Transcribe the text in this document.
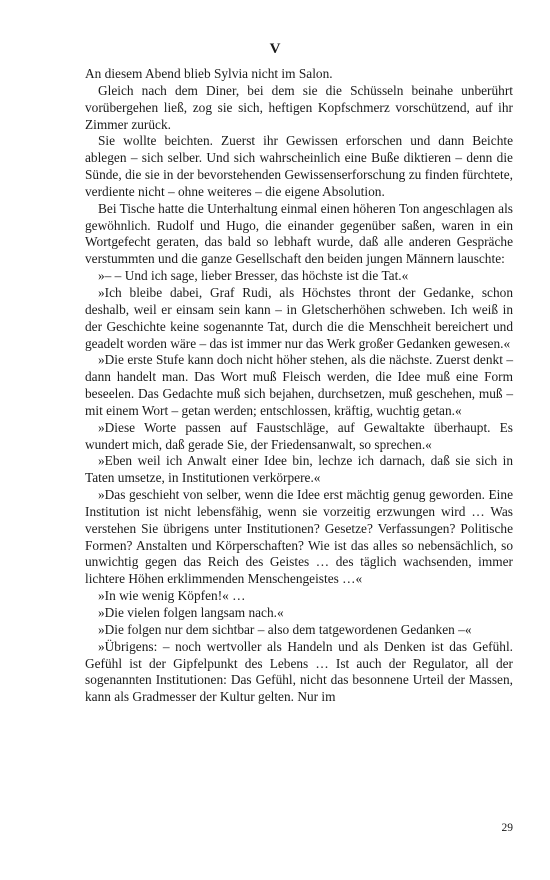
V

An diesem Abend blieb Sylvia nicht im Salon.

Gleich nach dem Diner, bei dem sie die Schüsseln beinahe unberührt vorübergehen ließ, zog sie sich, heftigen Kopfschmerz vorschützend, auf ihr Zimmer zurück.

Sie wollte beichten. Zuerst ihr Gewissen erforschen und dann Beichte ablegen – sich selber. Und sich wahrscheinlich eine Buße diktieren – denn die Sünde, die sie in der bevorstehenden Gewissenserforschung zu finden fürchtete, verdiente nicht – ohne weiteres – die eigene Absolution.

Bei Tische hatte die Unterhaltung einmal einen höheren Ton angeschlagen als gewöhnlich. Rudolf und Hugo, die einander gegenüber saßen, waren in ein Wortgefecht geraten, das bald so lebhaft wurde, daß alle anderen Gespräche verstummten und die ganze Gesellschaft den beiden jungen Männern lauschte:

»– – Und ich sage, lieber Bresser, das höchste ist die Tat.«

»Ich bleibe dabei, Graf Rudi, als Höchstes thront der Gedanke, schon deshalb, weil er einsam sein kann – in Gletscherhöhen schweben. Ich weiß in der Geschichte keine sogenannte Tat, durch die die Menschheit bereichert und geadelt worden wäre – das ist immer nur das Werk großer Gedanken gewesen.«

»Die erste Stufe kann doch nicht höher stehen, als die nächste. Zuerst denkt – dann handelt man. Das Wort muß Fleisch werden, die Idee muß eine Form beseelen. Das Gedachte muß sich bejahen, durchsetzen, muß geschehen, muß – mit einem Wort – getan werden; entschlossen, kräftig, wuchtig getan.«

»Diese Worte passen auf Faustschläge, auf Gewaltakte überhaupt. Es wundert mich, daß gerade Sie, der Friedensanwalt, so sprechen.«

»Eben weil ich Anwalt einer Idee bin, lechze ich darnach, daß sie sich in Taten umsetze, in Institutionen verkörpere.«

»Das geschieht von selber, wenn die Idee erst mächtig genug geworden. Eine Institution ist nicht lebensfähig, wenn sie vorzeitig erzwungen wird … Was verstehen Sie übrigens unter Institutionen? Gesetze? Verfassungen? Politische Formen? Anstalten und Körperschaften? Wie ist das alles so nebensächlich, so unwichtig gegen das Reich des Geistes … des täglich wachsenden, immer lichtere Höhen erklimmenden Menschengeistes …«

»In wie wenig Köpfen!« …

»Die vielen folgen langsam nach.«

»Die folgen nur dem sichtbar – also dem tatgewordenen Gedanken –«

»Übrigens: – noch wertvoller als Handeln und als Denken ist das Gefühl. Gefühl ist der Gipfelpunkt des Lebens … Ist auch der Regulator, all der sogenannten Institutionen: Das Gefühl, nicht das besonnene Urteil der Massen, kann als Gradmesser der Kultur gelten. Nur im

29
